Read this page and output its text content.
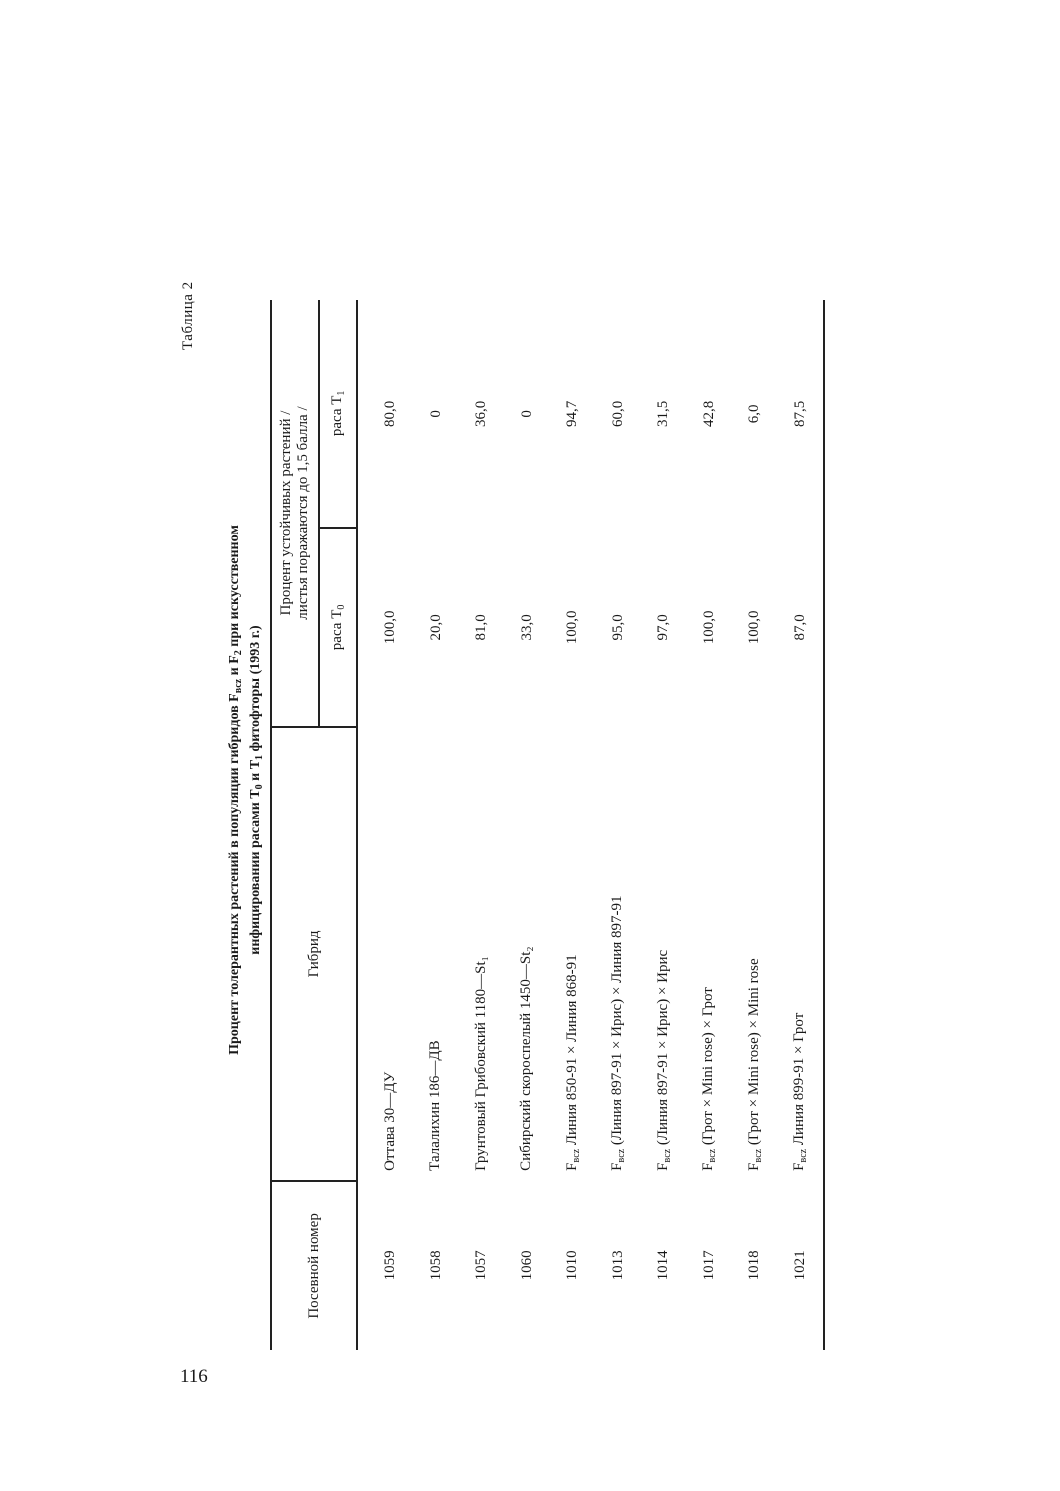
116
Таблица 2
Процент толерантных растений в популяции гибридов $F_{всz}$ и $F_2$ при искусственном
инфицировании расами $T_0$ и $T_1$ фитофторы (1993 г.)
Посевной номер	Гибрид	Процент устойчивых растений / листья поражаются до 1,5 балла /	

		раса $T_0$	раса $T_1$
1059	Оттава 30—ДУ	100,0	80,0
1058	Талалихин 186—ДВ	20,0	0
1057	Грунтовый Грибовский 1180—St₁	81,0	36,0
1060	Сибирский скороспелый 1450—St₂	33,0	0
1010	$F_{всz}$ Линия 850-91 × Линия 868-91	100,0	94,7
1013	$F_{всz}$ (Линия 897-91 × Ирис) × Линия 897-91	95,0	60,0
1014	$F_{всz}$ (Линия 897-91 × Ирис) × Ирис	97,0	31,5
1017	$F_{всz}$ (Грот × Mini rose) × Грот	100,0	42,8
1018	$F_{всz}$ (Грот × Mini rose) × Mini rose	100,0	6,0
1021	$F_{всz}$ Линия 899-91 × Грот	87,0	87,5
